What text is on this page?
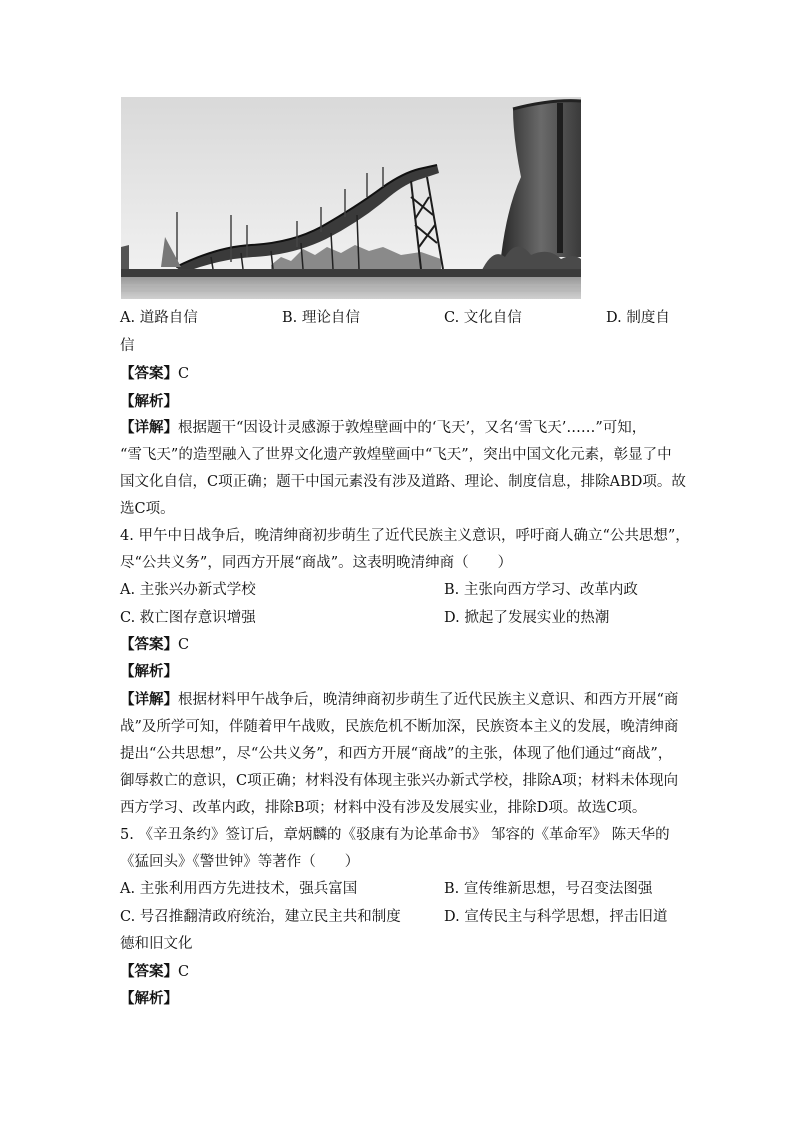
A. 道路自信	B. 理论自信	C. 文化自信	D. 制度自
信
【答案】C
【解析】
【详解】根据题干“因设计灵感源于敦煌壁画中的‘飞天’，又名‘雪飞天’……”可知，
“雪飞天”的造型融入了世界文化遗产敦煌壁画中“飞天”，突出中国文化元素，彰显了中
国文化自信，C项正确；题干中国元素没有涉及道路、理论、制度信息，排除ABD项。故
选C项。
4. 甲午中日战争后，晚清绅商初步萌生了近代民族主义意识，呼吁商人确立“公共思想”，
尽“公共义务”，同西方开展“商战”。这表明晚清绅商（　　）
A. 主张兴办新式学校	B. 主张向西方学习、改革内政
C. 救亡图存意识增强	D. 掀起了发展实业的热潮
【答案】C
【解析】
【详解】根据材料甲午战争后，晚清绅商初步萌生了近代民族主义意识、和西方开展“商
战”及所学可知，伴随着甲午战败，民族危机不断加深，民族资本主义的发展，晚清绅商
提出“公共思想”，尽“公共义务”，和西方开展“商战”的主张，体现了他们通过“商战”，
御辱救亡的意识，C项正确；材料没有体现主张兴办新式学校，排除A项；材料未体现向
西方学习、改革内政，排除B项；材料中没有涉及发展实业，排除D项。故选C项。
5. 《辛丑条约》签订后，章炳麟的《驳康有为论革命书》 邹容的《革命军》 陈天华的
《猛回头》《警世钟》等著作（　　）
A. 主张利用西方先进技术，强兵富国	B. 宣传维新思想，号召变法图强
C. 号召推翻清政府统治，建立民主共和制度	D. 宣传民主与科学思想，抨击旧道
德和旧文化
【答案】C
【解析】
